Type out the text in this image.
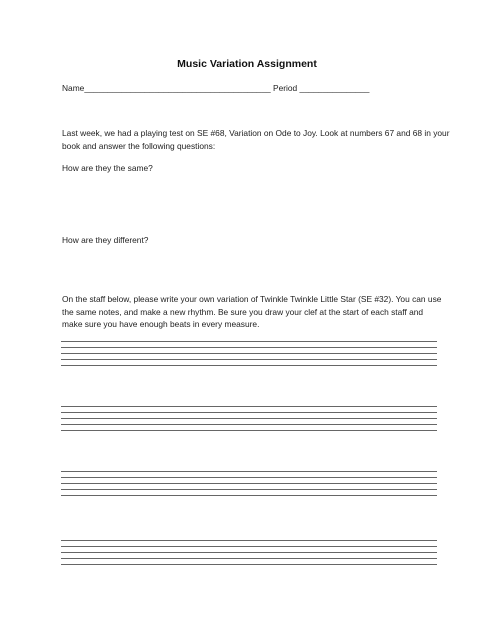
Music Variation Assignment
Name________________________________________ Period _______________
Last week, we had a playing test on SE #68, Variation on Ode to Joy. Look at numbers 67 and 68 in your book and answer the following questions:
How are they the same?
How are they different?
On the staff below, please write your own variation of Twinkle Twinkle Little Star (SE #32). You can use the same notes, and make a new rhythm. Be sure you draw your clef at the start of each staff and make sure you have enough beats in every measure.
